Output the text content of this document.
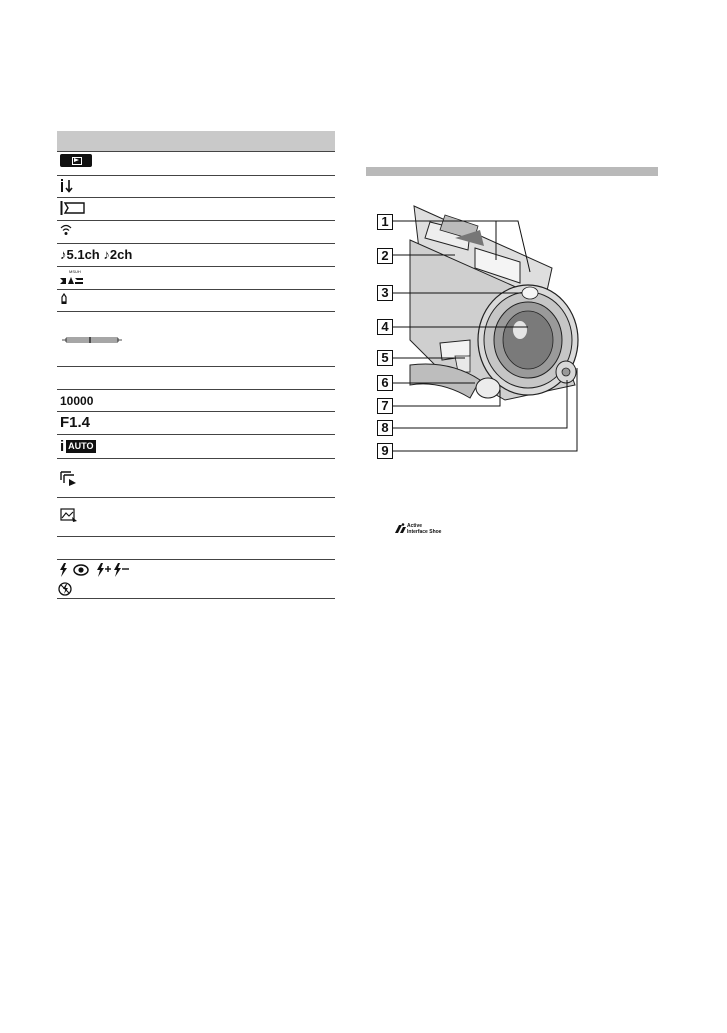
♪5.1ch ♪2ch
MSUH
10000
F1.4
i AUTO
1
2
3
4
5
6
7
8
9
Active
Interface Shoe
